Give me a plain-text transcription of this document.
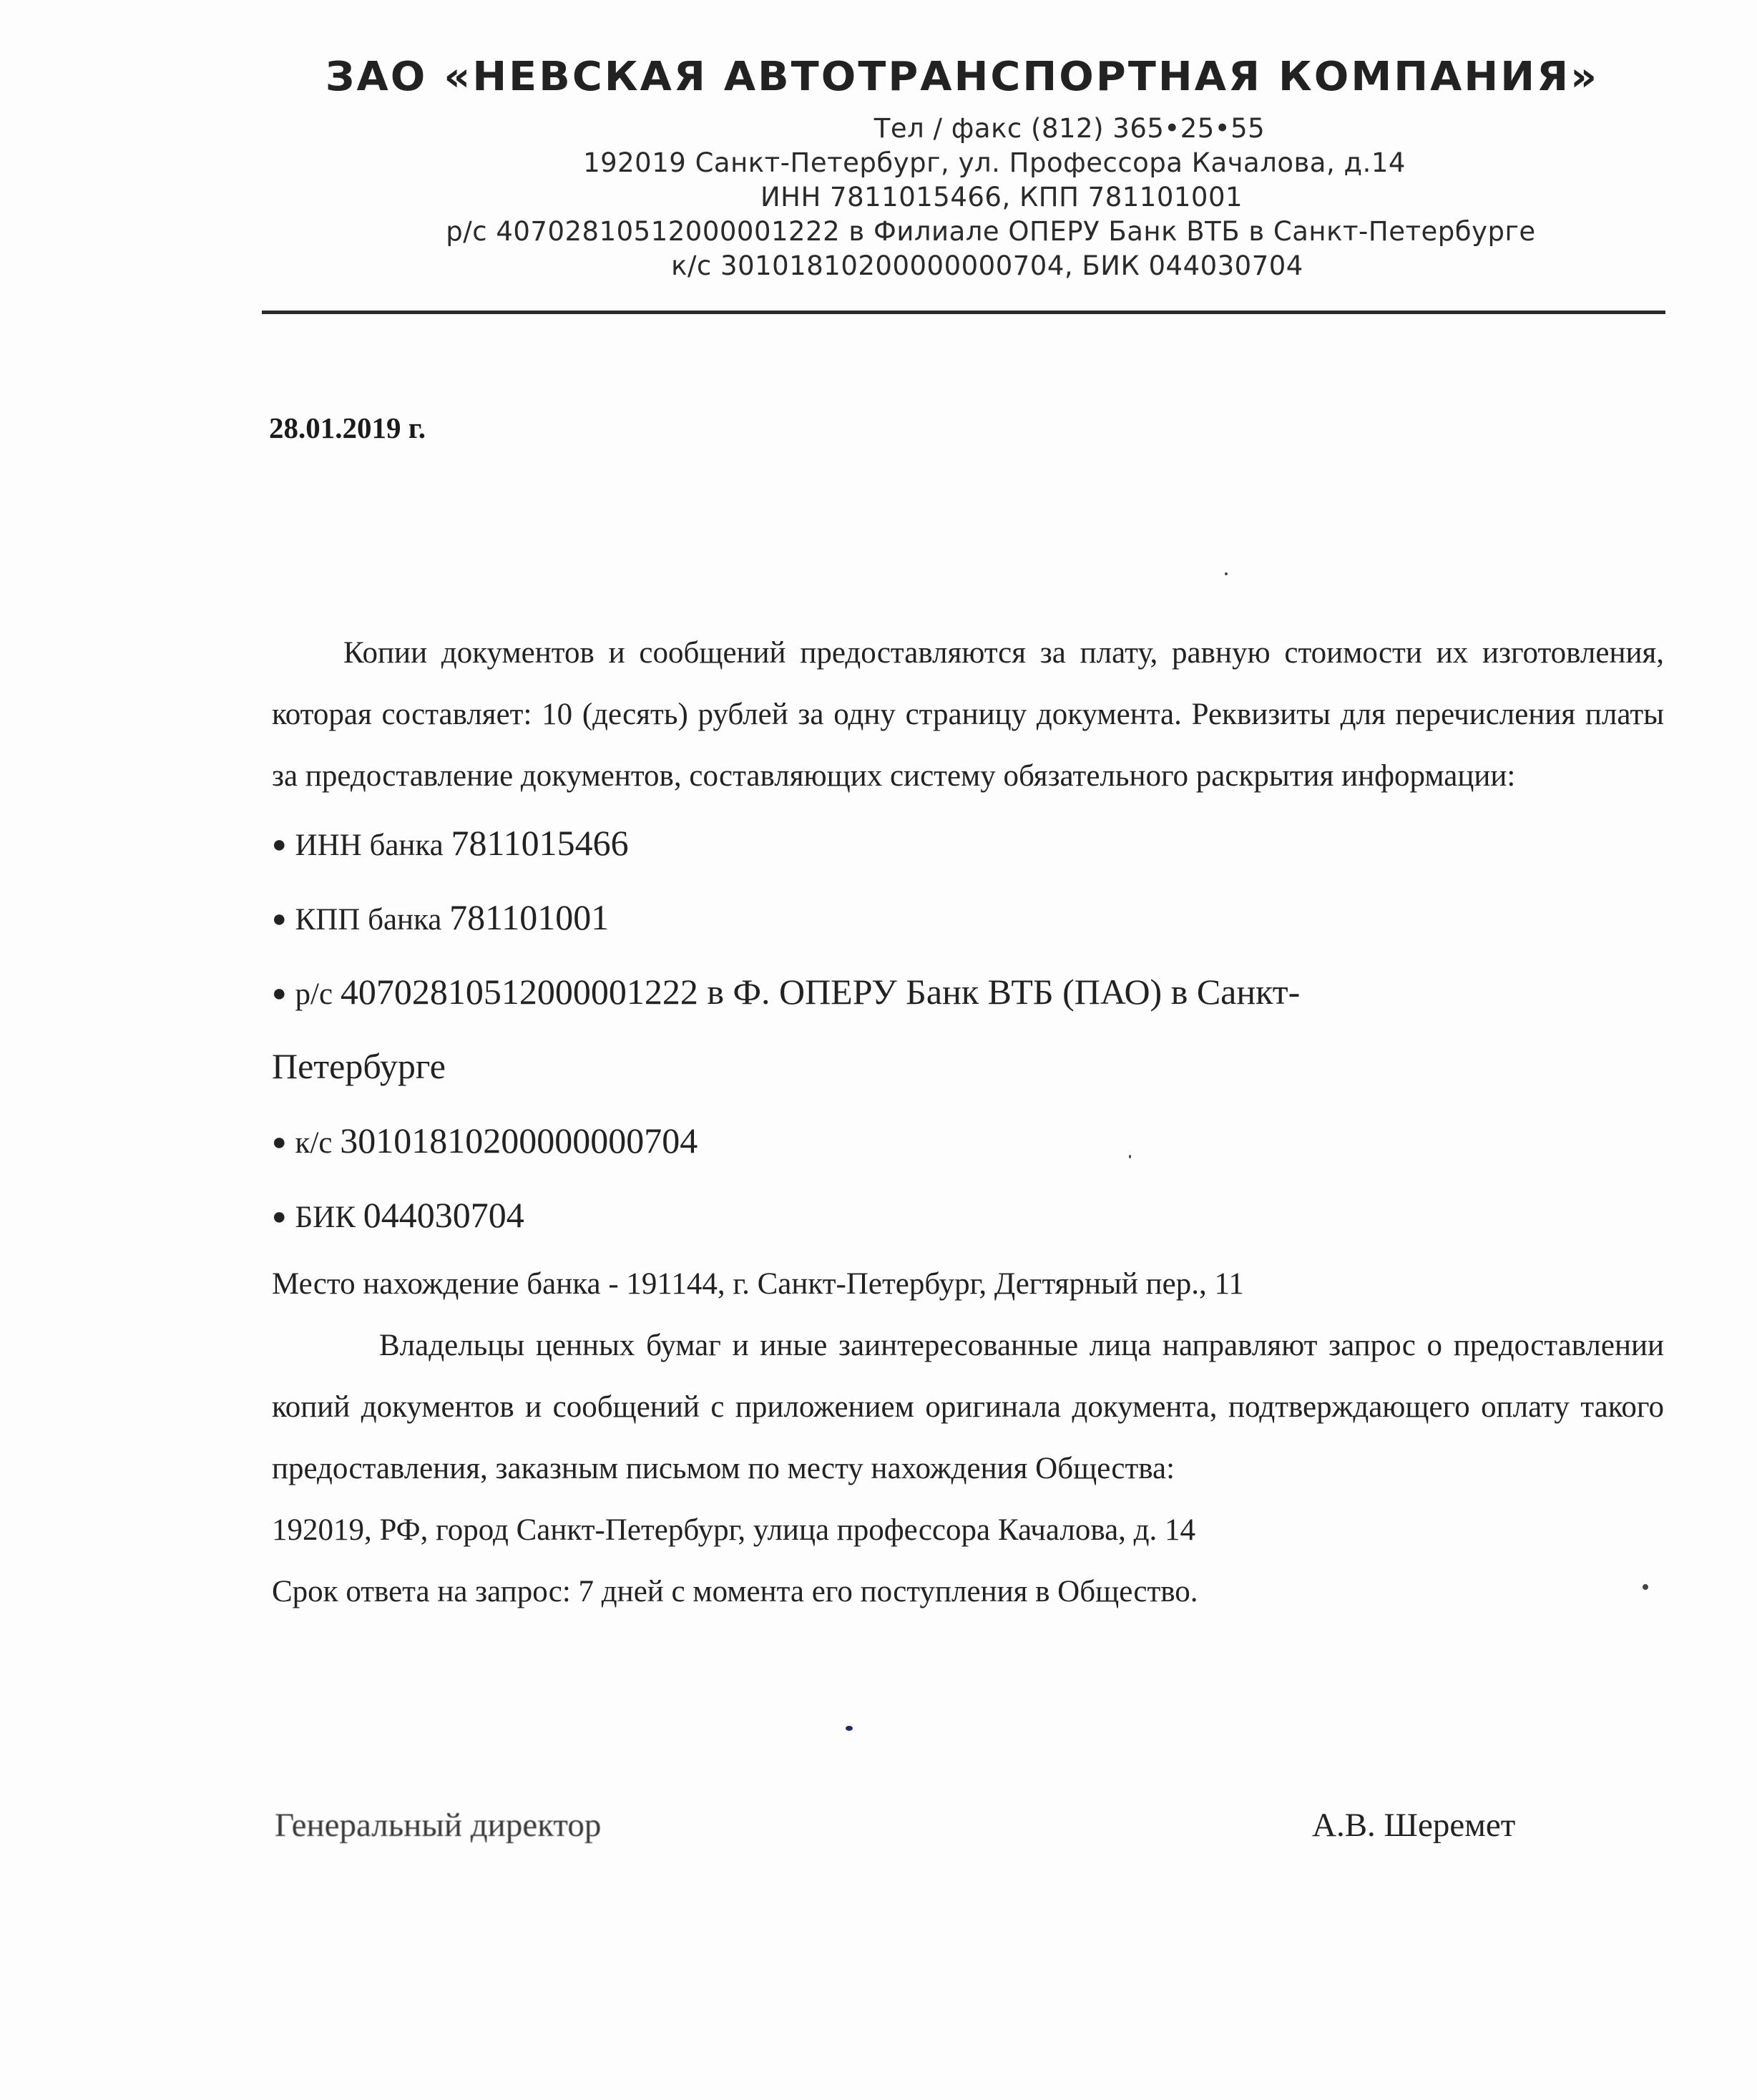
ЗАО «НЕВСКАЯ АВТОТРАНСПОРТНАЯ КОМПАНИЯ»
Тел / факс (812) 365•25•55
192019 Санкт-Петербург, ул. Профессора Качалова, д.14
ИНН 7811015466, КПП 781101001
р/с 40702810512000001222 в Филиале ОПЕРУ Банк ВТБ в Санкт-Петербурге
к/с 30101810200000000704, БИК 044030704
28.01.2019 г.

Копии документов и сообщений предоставляются за плату, равную стоимости их изготовления, которая составляет: 10 (десять) рублей за одну страницу документа. Реквизиты для перечисления платы за предоставление документов, составляющих систему обязательного раскрытия информации:

● ИНН банка 7811015466

● КПП банка 781101001

● р/с 40702810512000001222 в Ф. ОПЕРУ Банк ВТБ (ПАО) в Санкт-

Петербурге

● к/с 30101810200000000704

● БИК 044030704

Место нахождение банка - 191144, г. Санкт-Петербург, Дегтярный пер., 11

Владельцы ценных бумаг и иные заинтересованные лица направляют запрос о предоставлении копий документов и сообщений с приложением оригинала документа, подтверждающего оплату такого предоставления, заказным письмом по месту нахождения Общества:

192019, РФ, город Санкт-Петербург, улица профессора Качалова, д. 14

Срок ответа на запрос: 7 дней с момента его поступления в Общество.

Генеральный директор	А.В. Шеремет
